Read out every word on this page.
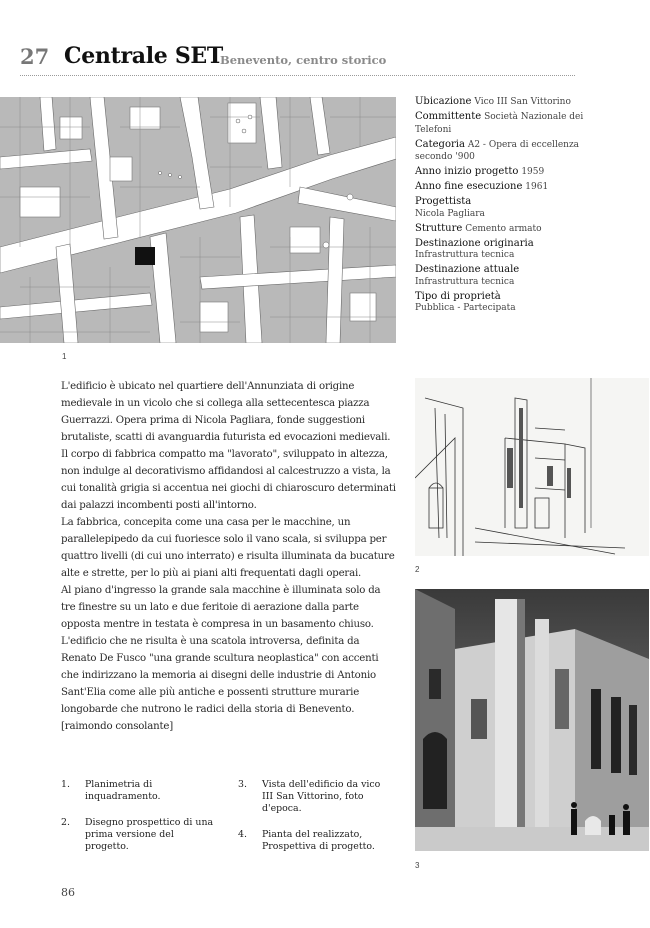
27 Centrale SET
Benevento, centro storico
1
Ubicazione Vico III San Vittorino
Committente Società Nazionale dei Telefoni
Categoria A2 - Opera di eccellenza secondo '900
Anno inizio progetto 1959
Anno fine esecuzione 1961
Progettista
Nicola Pagliara
Strutture Cemento armato
Destinazione originaria
Infrastruttura tecnica
Destinazione attuale
Infrastruttura tecnica
Tipo di proprietà
Pubblica - Partecipata

L'edificio è ubicato nel quartiere dell'Annunziata di origine medievale in un vicolo che si collega alla settecentesca piazza Guerrazzi. Opera prima di Nicola Pagliara, fonde suggestioni brutaliste, scatti di avanguardia futurista ed evocazioni medievali. Il corpo di fabbrica compatto ma "lavorato", sviluppato in altezza, non indulge al decorativismo affidandosi al calcestruzzo a vista, la cui tonalità grigia si accentua nei giochi di chiaroscuro determinati dai palazzi incombenti posti all'intorno.

La fabbrica, concepita come una casa per le macchine, un parallelepipedo da cui fuoriesce solo il vano scala, si sviluppa per quattro livelli (di cui uno interrato) e risulta illuminata da bucature alte e strette, per lo più ai piani alti frequentati dagli operai.

Al piano d'ingresso la grande sala macchine è illuminata solo da tre finestre su un lato e due feritoie di aerazione dalla parte opposta mentre in testata è compresa in un basamento chiuso.

L'edificio che ne risulta è una scatola introversa, definita da Renato De Fusco "una grande scultura neoplastica" con accenti che indirizzano la memoria ai disegni delle industrie di Antonio Sant'Elia come alle più antiche e possenti strutture murarie longobarde che nutrono le radici della storia di Benevento.

[raimondo consolante]

2
3
1. Planimetria di inquadramento.
2. Disegno prospettico di una prima versione del progetto.
3. Vista dell'edificio da vico III San Vittorino, foto d'epoca.
4. Pianta del realizzato, Prospettiva di progetto.
86
